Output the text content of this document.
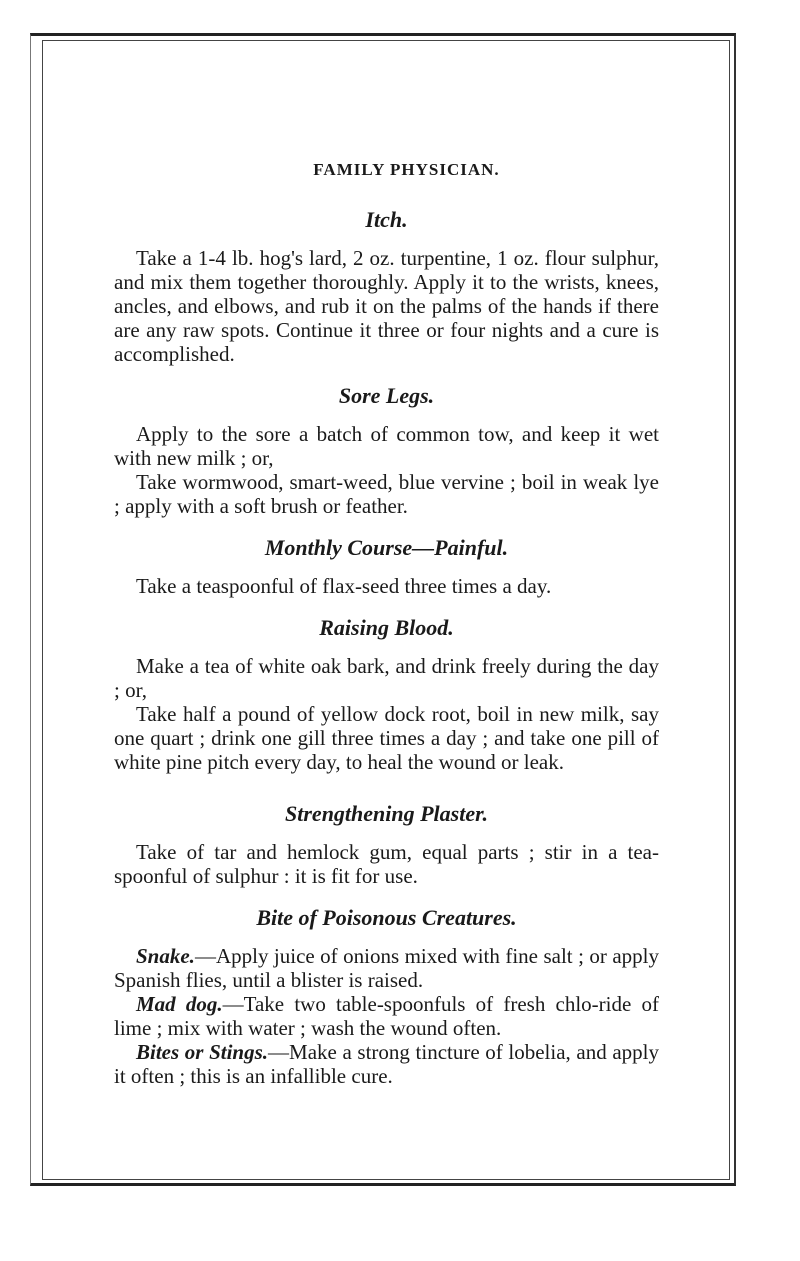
FAMILY PHYSICIAN.
Itch.

Take a 1-4 lb. hog's lard, 2 oz. turpentine, 1 oz. flour sulphur, and mix them together thoroughly. Apply it to the wrists, knees, ancles, and elbows, and rub it on the palms of the hands if there are any raw spots. Continue it three or four nights and a cure is accomplished.

Sore Legs.

Apply to the sore a batch of common tow, and keep it wet with new milk ; or,

Take wormwood, smart-weed, blue vervine ; boil in weak lye ; apply with a soft brush or feather.

Monthly Course—Painful.

Take a teaspoonful of flax-seed three times a day.

Raising Blood.

Make a tea of white oak bark, and drink freely during the day ; or,

Take half a pound of yellow dock root, boil in new milk, say one quart ; drink one gill three times a day ; and take one pill of white pine pitch every day, to heal the wound or leak.

Strengthening Plaster.

Take of tar and hemlock gum, equal parts ; stir in a tea-spoonful of sulphur : it is fit for use.

Bite of Poisonous Creatures.

Snake.—Apply juice of onions mixed with fine salt ; or apply Spanish flies, until a blister is raised.

Mad dog.—Take two table-spoonfuls of fresh chlo-ride of lime ; mix with water ; wash the wound often.

Bites or Stings.—Make a strong tincture of lobelia, and apply it often ; this is an infallible cure.
